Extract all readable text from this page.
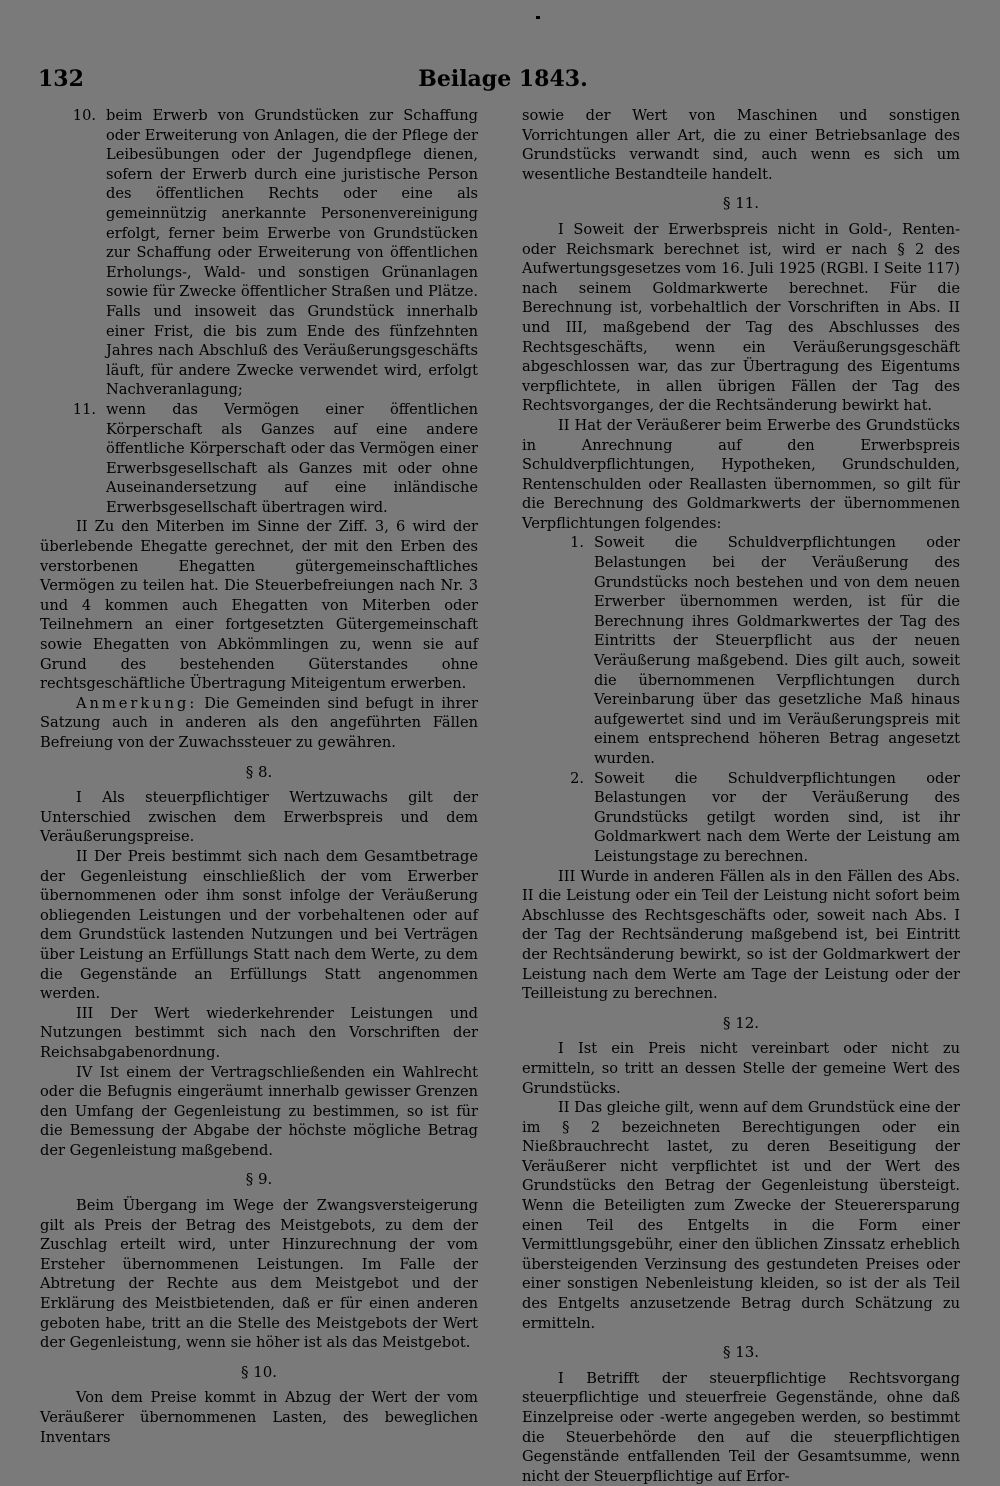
132	Beilage 1843.
10. beim Erwerb von Grundstücken zur Schaffung oder Erweiterung von Anlagen, die der Pflege der Leibesübungen oder der Jugendpflege dienen, sofern der Erwerb durch eine juristische Person des öffentlichen Rechts oder eine als gemeinnützig anerkannte Personenvereinigung erfolgt, ferner beim Erwerbe von Grundstücken zur Schaffung oder Erweiterung von öffentlichen Erholungs-, Wald- und sonstigen Grünanlagen sowie für Zwecke öffentlicher Straßen und Plätze. Falls und insoweit das Grundstück innerhalb einer Frist, die bis zum Ende des fünfzehnten Jahres nach Abschluß des Veräußerungsgeschäfts läuft, für andere Zwecke verwendet wird, erfolgt Nachveranlagung;
11. wenn das Vermögen einer öffentlichen Körperschaft als Ganzes auf eine andere öffentliche Körperschaft oder das Vermögen einer Erwerbsgesellschaft als Ganzes mit oder ohne Auseinandersetzung auf eine inländische Erwerbsgesellschaft übertragen wird.

II Zu den Miterben im Sinne der Ziff. 3, 6 wird der überlebende Ehegatte gerechnet, der mit den Erben des verstorbenen Ehegatten gütergemeinschaftliches Vermögen zu teilen hat. Die Steuerbefreiungen nach Nr. 3 und 4 kommen auch Ehegatten von Miterben oder Teilnehmern an einer fortgesetzten Gütergemeinschaft sowie Ehegatten von Abkömmlingen zu, wenn sie auf Grund des bestehenden Güterstandes ohne rechtsgeschäftliche Übertragung Miteigentum erwerben.

Anmerkung: Die Gemeinden sind befugt in ihrer Satzung auch in anderen als den angeführten Fällen Befreiung von der Zuwachssteuer zu gewähren.

§ 8.

I Als steuerpflichtiger Wertzuwachs gilt der Unterschied zwischen dem Erwerbspreis und dem Veräußerungspreise.

II Der Preis bestimmt sich nach dem Gesamtbetrage der Gegenleistung einschließlich der vom Erwerber übernommenen oder ihm sonst infolge der Veräußerung obliegenden Leistungen und der vorbehaltenen oder auf dem Grundstück lastenden Nutzungen und bei Verträgen über Leistung an Erfüllungs Statt nach dem Werte, zu dem die Gegenstände an Erfüllungs Statt angenommen werden.

III Der Wert wiederkehrender Leistungen und Nutzungen bestimmt sich nach den Vorschriften der Reichsabgabenordnung.

IV Ist einem der Vertragschließenden ein Wahlrecht oder die Befugnis eingeräumt innerhalb gewisser Grenzen den Umfang der Gegenleistung zu bestimmen, so ist für die Bemessung der Abgabe der höchste mögliche Betrag der Gegenleistung maßgebend.

§ 9.

Beim Übergang im Wege der Zwangsversteigerung gilt als Preis der Betrag des Meistgebots, zu dem der Zuschlag erteilt wird, unter Hinzurechnung der vom Ersteher übernommenen Leistungen. Im Falle der Abtretung der Rechte aus dem Meistgebot und der Erklärung des Meistbietenden, daß er für einen anderen geboten habe, tritt an die Stelle des Meistgebots der Wert der Gegenleistung, wenn sie höher ist als das Meistgebot.

§ 10.

Von dem Preise kommt in Abzug der Wert der vom Veräußerer übernommenen Lasten, des beweglichen Inventars

sowie der Wert von Maschinen und sonstigen Vorrichtungen aller Art, die zu einer Betriebsanlage des Grundstücks verwandt sind, auch wenn es sich um wesentliche Bestandteile handelt.

§ 11.

I Soweit der Erwerbspreis nicht in Gold-, Renten- oder Reichsmark berechnet ist, wird er nach § 2 des Aufwertungsgesetzes vom 16. Juli 1925 (RGBl. I Seite 117) nach seinem Goldmarkwerte berechnet. Für die Berechnung ist, vorbehaltlich der Vorschriften in Abs. II und III, maßgebend der Tag des Abschlusses des Rechtsgeschäfts, wenn ein Veräußerungsgeschäft abgeschlossen war, das zur Übertragung des Eigentums verpflichtete, in allen übrigen Fällen der Tag des Rechtsvorganges, der die Rechtsänderung bewirkt hat.

II Hat der Veräußerer beim Erwerbe des Grundstücks in Anrechnung auf den Erwerbspreis Schuldverpflichtungen, Hypotheken, Grundschulden, Rentenschulden oder Reallasten übernommen, so gilt für die Berechnung des Goldmarkwerts der übernommenen Verpflichtungen folgendes:

1. Soweit die Schuldverpflichtungen oder Belastungen bei der Veräußerung des Grundstücks noch bestehen und von dem neuen Erwerber übernommen werden, ist für die Berechnung ihres Goldmarkwertes der Tag des Eintritts der Steuerpflicht aus der neuen Veräußerung maßgebend. Dies gilt auch, soweit die übernommenen Verpflichtungen durch Vereinbarung über das gesetzliche Maß hinaus aufgewertet sind und im Veräußerungspreis mit einem entsprechend höheren Betrag angesetzt wurden.
2. Soweit die Schuldverpflichtungen oder Belastungen vor der Veräußerung des Grundstücks getilgt worden sind, ist ihr Goldmarkwert nach dem Werte der Leistung am Leistungstage zu berechnen.

III Wurde in anderen Fällen als in den Fällen des Abs. II die Leistung oder ein Teil der Leistung nicht sofort beim Abschlusse des Rechtsgeschäfts oder, soweit nach Abs. I der Tag der Rechtsänderung maßgebend ist, bei Eintritt der Rechtsänderung bewirkt, so ist der Goldmarkwert der Leistung nach dem Werte am Tage der Leistung oder der Teilleistung zu berechnen.

§ 12.

I Ist ein Preis nicht vereinbart oder nicht zu ermitteln, so tritt an dessen Stelle der gemeine Wert des Grundstücks.

II Das gleiche gilt, wenn auf dem Grundstück eine der im § 2 bezeichneten Berechtigungen oder ein Nießbrauchrecht lastet, zu deren Beseitigung der Veräußerer nicht verpflichtet ist und der Wert des Grundstücks den Betrag der Gegenleistung übersteigt. Wenn die Beteiligten zum Zwecke der Steuerersparung einen Teil des Entgelts in die Form einer Vermittlungsgebühr, einer den üblichen Zinssatz erheblich übersteigenden Verzinsung des gestundeten Preises oder einer sonstigen Nebenleistung kleiden, so ist der als Teil des Entgelts anzusetzende Betrag durch Schätzung zu ermitteln.

§ 13.

I Betrifft der steuerpflichtige Rechtsvorgang steuerpflichtige und steuerfreie Gegenstände, ohne daß Einzelpreise oder -werte angegeben werden, so bestimmt die Steuerbehörde den auf die steuerpflichtigen Gegenstände entfallenden Teil der Gesamtsumme, wenn nicht der Steuerpflichtige auf Erfor-
